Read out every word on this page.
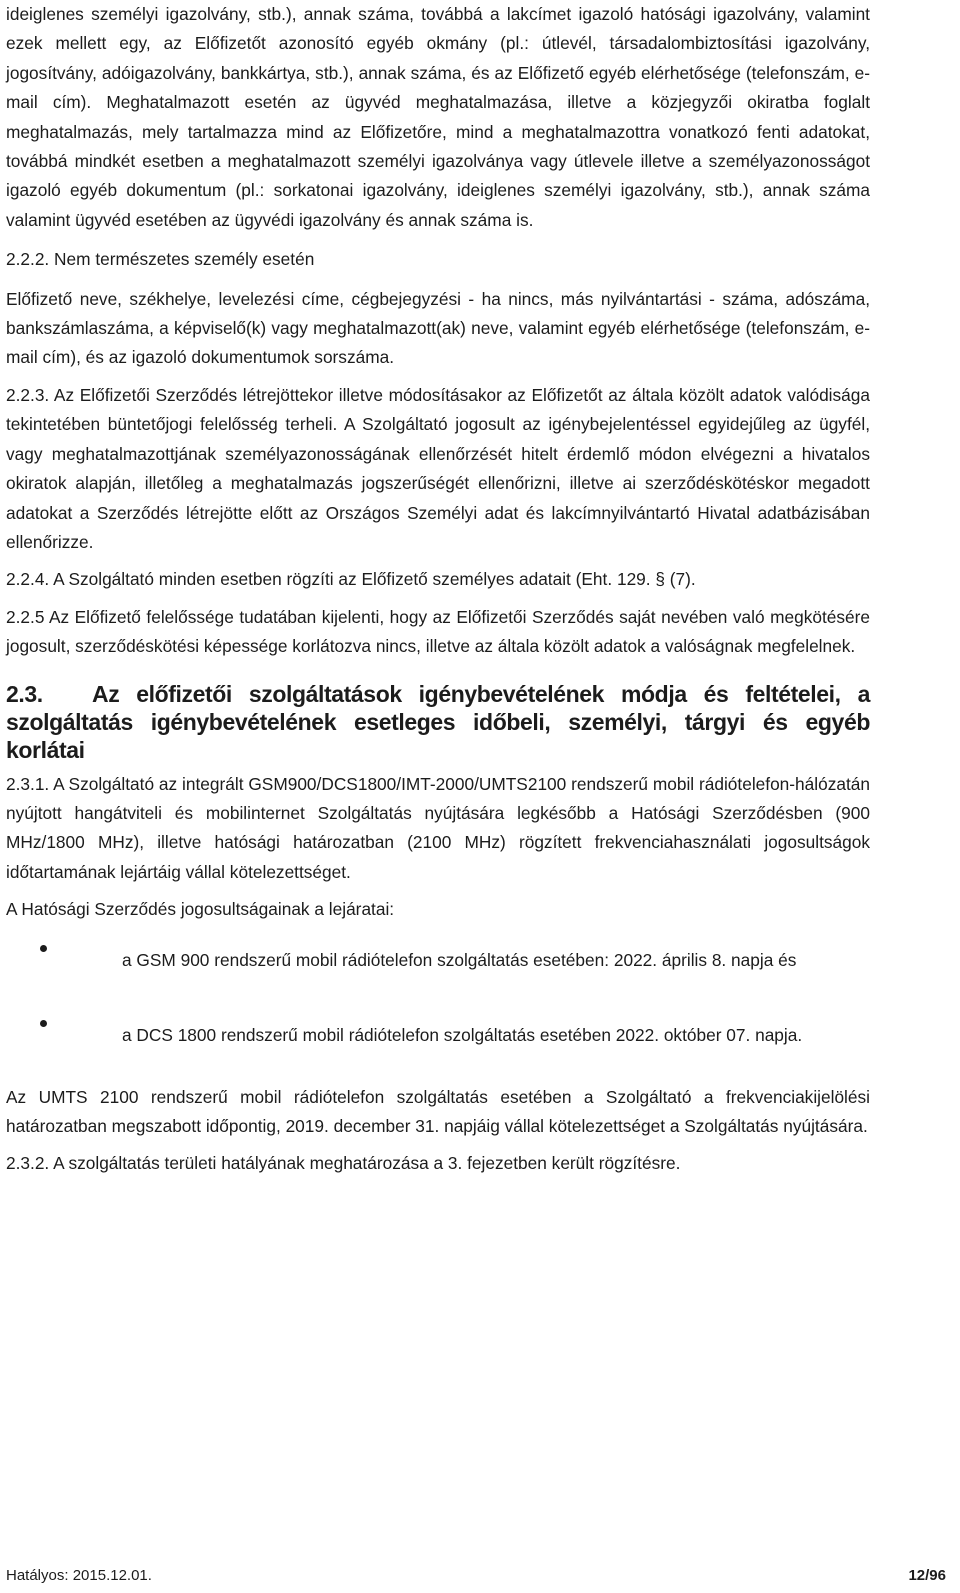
ideiglenes személyi igazolvány, stb.), annak száma, továbbá a lakcímet igazoló hatósági igazolvány, valamint ezek mellett egy, az Előfizetőt azonosító egyéb okmány (pl.: útlevél, társadalombiztosítási igazolvány, jogosítvány, adóigazolvány, bankkártya, stb.), annak száma, és az Előfizető egyéb elérhetősége (telefonszám, e-mail cím). Meghatalmazott esetén az ügyvéd meghatalmazása, illetve a közjegyzői okiratba foglalt meghatalmazás, mely tartalmazza mind az Előfizetőre, mind a meghatalmazottra vonatkozó fenti adatokat, továbbá mindkét esetben a meghatalmazott személyi igazolványa vagy útlevele illetve a személyazonosságot igazoló egyéb dokumentum (pl.: sorkatonai igazolvány, ideiglenes személyi igazolvány, stb.), annak száma valamint ügyvéd esetében az ügyvédi igazolvány és annak száma is.

2.2.2. Nem természetes személy esetén

Előfizető neve, székhelye, levelezési címe, cégbejegyzési - ha nincs, más nyilvántartási - száma, adószáma, bankszámlaszáma, a képviselő(k) vagy meghatalmazott(ak) neve, valamint egyéb elérhetősége (telefonszám, e-mail cím), és az igazoló dokumentumok sorszáma.

2.2.3. Az Előfizetői Szerződés létrejöttekor illetve módosításakor az Előfizetőt az általa közölt adatok valódisága tekintetében büntetőjogi felelősség terheli. A Szolgáltató jogosult az igénybejelentéssel egyidejűleg az ügyfél, vagy meghatalmazottjának személyazonosságának ellenőrzését hitelt érdemlő módon elvégezni a hivatalos okiratok alapján, illetőleg a meghatalmazás jogszerűségét ellenőrizni, illetve ai szerződéskötéskor megadott adatokat a Szerződés létrejötte előtt az Országos Személyi adat és lakcímnyilvántartó Hivatal adatbázisában ellenőrizze.

2.2.4. A Szolgáltató minden esetben rögzíti az Előfizető személyes adatait (Eht. 129. § (7).

2.2.5 Az Előfizető felelőssége tudatában kijelenti, hogy az Előfizetői Szerződés saját nevében való megkötésére jogosult, szerződéskötési képessége korlátozva nincs, illetve az általa közölt adatok a valóságnak megfelelnek.

2.3. Az előfizetői szolgáltatások igénybevételének módja és feltételei, a szolgáltatás igénybevételének esetleges időbeli, személyi, tárgyi és egyéb korlátai

2.3.1. A Szolgáltató az integrált GSM900/DCS1800/IMT-2000/UMTS2100 rendszerű mobil rádiótelefon-hálózatán nyújtott hangátviteli és mobilinternet Szolgáltatás nyújtására legkésőbb a Hatósági Szerződésben (900 MHz/1800 MHz), illetve hatósági határozatban (2100 MHz) rögzített frekvenciahasználati jogosultságok időtartamának lejártáig vállal kötelezettséget.

A Hatósági Szerződés jogosultságainak a lejáratai:

a GSM 900 rendszerű mobil rádiótelefon szolgáltatás esetében: 2022. április 8. napja és
a DCS 1800 rendszerű mobil rádiótelefon szolgáltatás esetében 2022. október 07. napja.

Az UMTS 2100 rendszerű mobil rádiótelefon szolgáltatás esetében a Szolgáltató a frekvenciakijelölési határozatban megszabott időpontig, 2019. december 31. napjáig vállal kötelezettséget a Szolgáltatás nyújtására.

2.3.2. A szolgáltatás területi hatályának meghatározása a 3. fejezetben került rögzítésre.

Hatályos: 2015.12.01.	12/96
